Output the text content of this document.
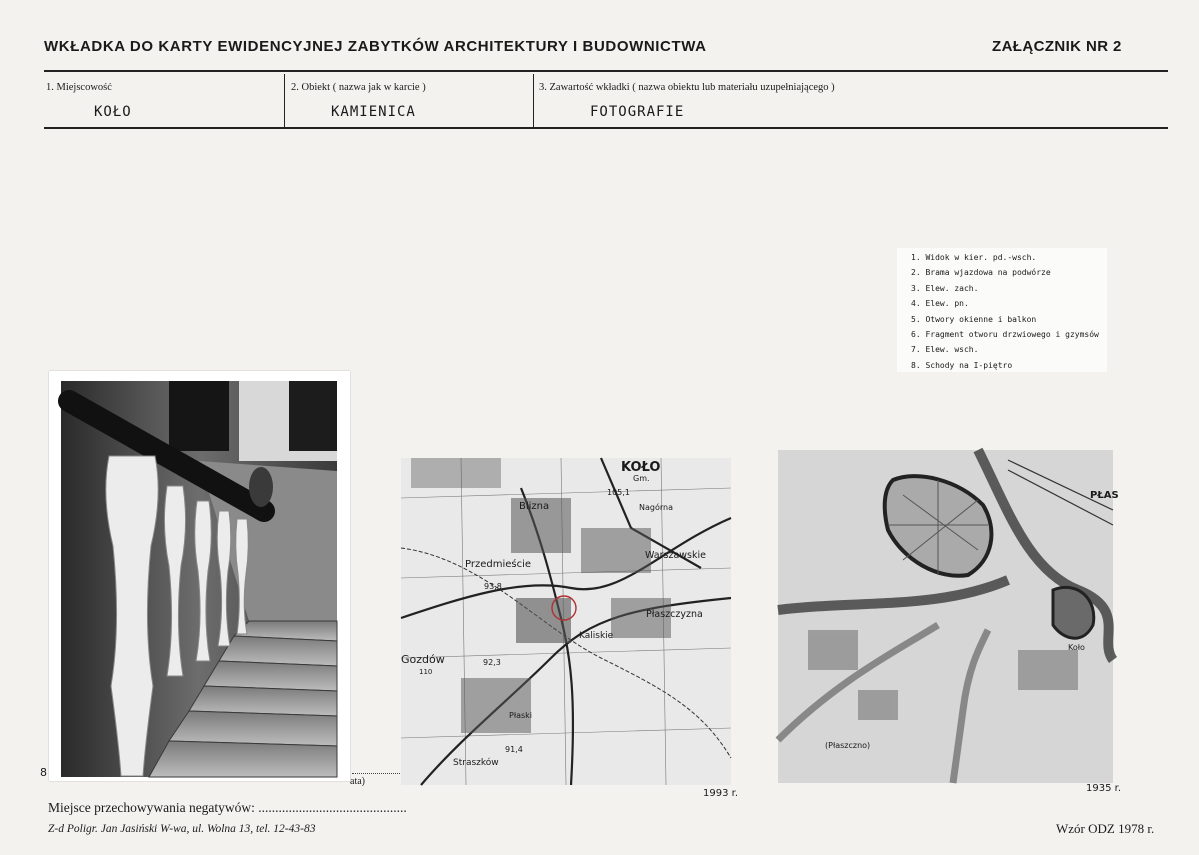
WKŁADKA DO KARTY EWIDENCYJNEJ ZABYTKÓW ARCHITEKTURY I BUDOWNICTWA	ZAŁĄCZNIK NR 2
1. Miejscowość
KOŁO
2. Obiekt ( nazwa jak w karcie )
KAMIENICA
3. Zawartość wkładki ( nazwa obiektu lub materiału uzupełniającego )
FOTOGRAFIE
1. Widok w kier. pd.-wsch.
2. Brama wjazdowa na podwórze
3. Elew. zach.
4. Elew. pn.
5. Otwory okienne i balkon
6. Fragment otworu drzwiowego i gzymsów
7. Elew. wsch.
8. Schody na I-piętro
8
ata)
KOŁO
Gm.
105,1
Blizna	Nagórna
Warszawskie
Przedmieście
93,8
Płaszczyzna
Kaliskie
Gozdów
110
92,3
Płaski
91,4
Straszków
1993 r.
PŁAS
Koło
(Płaszczno)
1935 r.
Miejsce przechowywania negatywów: ............................................
Z-d Poligr. Jan Jasiński W-wa, ul. Wolna 13, tel. 12-43-83	Wzór ODZ 1978 r.
